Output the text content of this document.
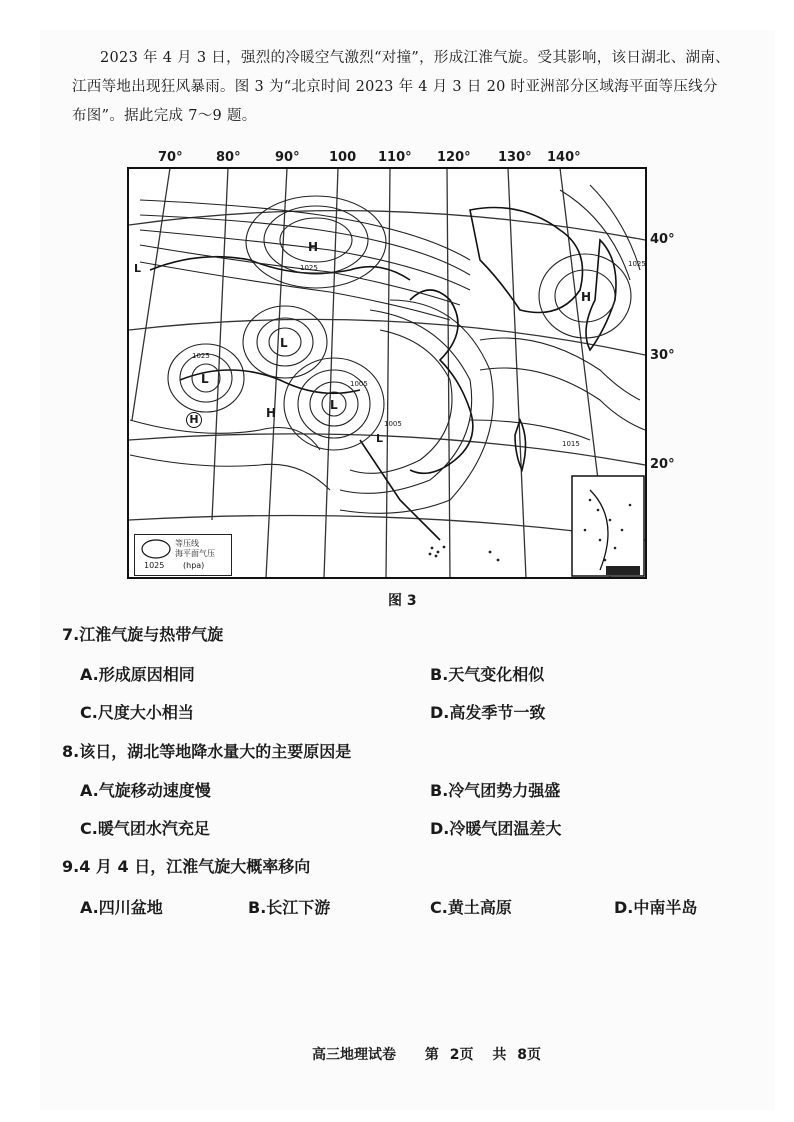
2023 年 4 月 3 日，强烈的冷暖空气激烈“对撞”，形成江淮气旋。受其影响，该日湖北、湖南、江西等地出现狂风暴雨。图 3 为“北京时间 2023 年 4 月 3 日 20 时亚洲部分区域海平面等压线分布图”。据此完成 7～9 题。

70°	80°	90° 100 110° 120° 130° 140°
40°
30°
20°
H
L
L
L
H
H
H
L
L
1025
1025
1005
1005
1015
1025
等压线
海平面气压
1025 (hpa)
图 3
7.江淮气旋与热带气旋
A.形成原因相同	B.天气变化相似
C.尺度大小相当	D.高发季节一致
8.该日，湖北等地降水量大的主要原因是
A.气旋移动速度慢	B.冷气团势力强盛
C.暖气团水汽充足	D.冷暖气团温差大
9.4 月 4 日，江淮气旋大概率移向
A.四川盆地	B.长江下游	C.黄土高原	D.中南半岛
高三地理试卷 第 2页 共 8页
